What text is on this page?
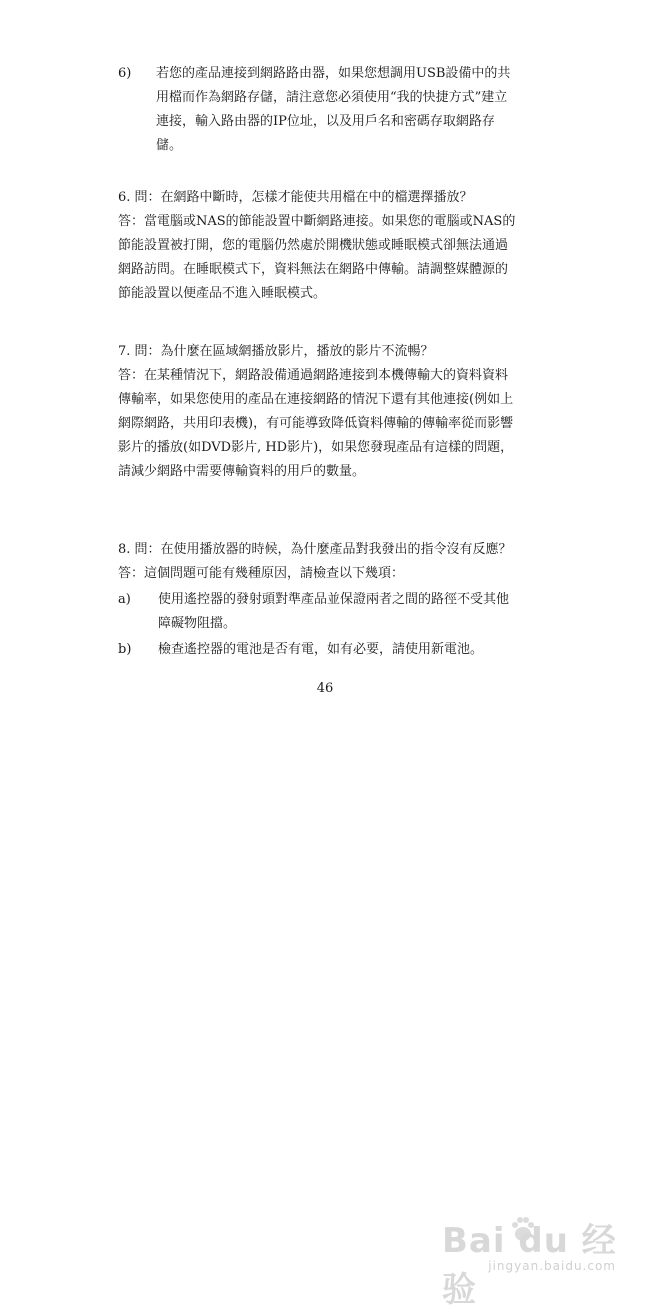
6)	若您的產品連接到網路路由器，如果您想調用USB設備中的共用檔而作為網路存儲，請注意您必須使用“我的快捷方式”建立連接，輸入路由器的IP位址，以及用戶名和密碼存取網路存儲。

6. 問：在網路中斷時，怎樣才能使共用檔在中的檔選擇播放？

答：當電腦或NAS的節能設置中斷網路連接。如果您的電腦或NAS的節能設置被打開，您的電腦仍然處於開機狀態或睡眠模式卻無法通過網路訪問。在睡眠模式下，資料無法在網路中傳輸。請調整媒體源的節能設置以便產品不進入睡眠模式。

7. 問：為什麼在區域網播放影片，播放的影片不流暢？

答：在某種情況下，網路設備通過網路連接到本機傳輸大的資料資料傳輸率，如果您使用的產品在連接網路的情況下還有其他連接(例如上網際網路，共用印表機)，有可能導致降低資料傳輸的傳輸率從而影響影片的播放(如DVD影片, HD影片)，如果您發現產品有這樣的問題，請減少網路中需要傳輸資料的用戶的數量。

8. 問：在使用播放器的時候，為什麼產品對我發出的指令沒有反應？

答：這個問題可能有幾種原因，請檢查以下幾項：

a)	使用遙控器的發射頭對準產品並保證兩者之間的路徑不受其他障礙物阻擋。
b)	檢查遙控器的電池是否有電，如有必要，請使用新電池。
46
Bai du 经验
jingyan.baidu.com
